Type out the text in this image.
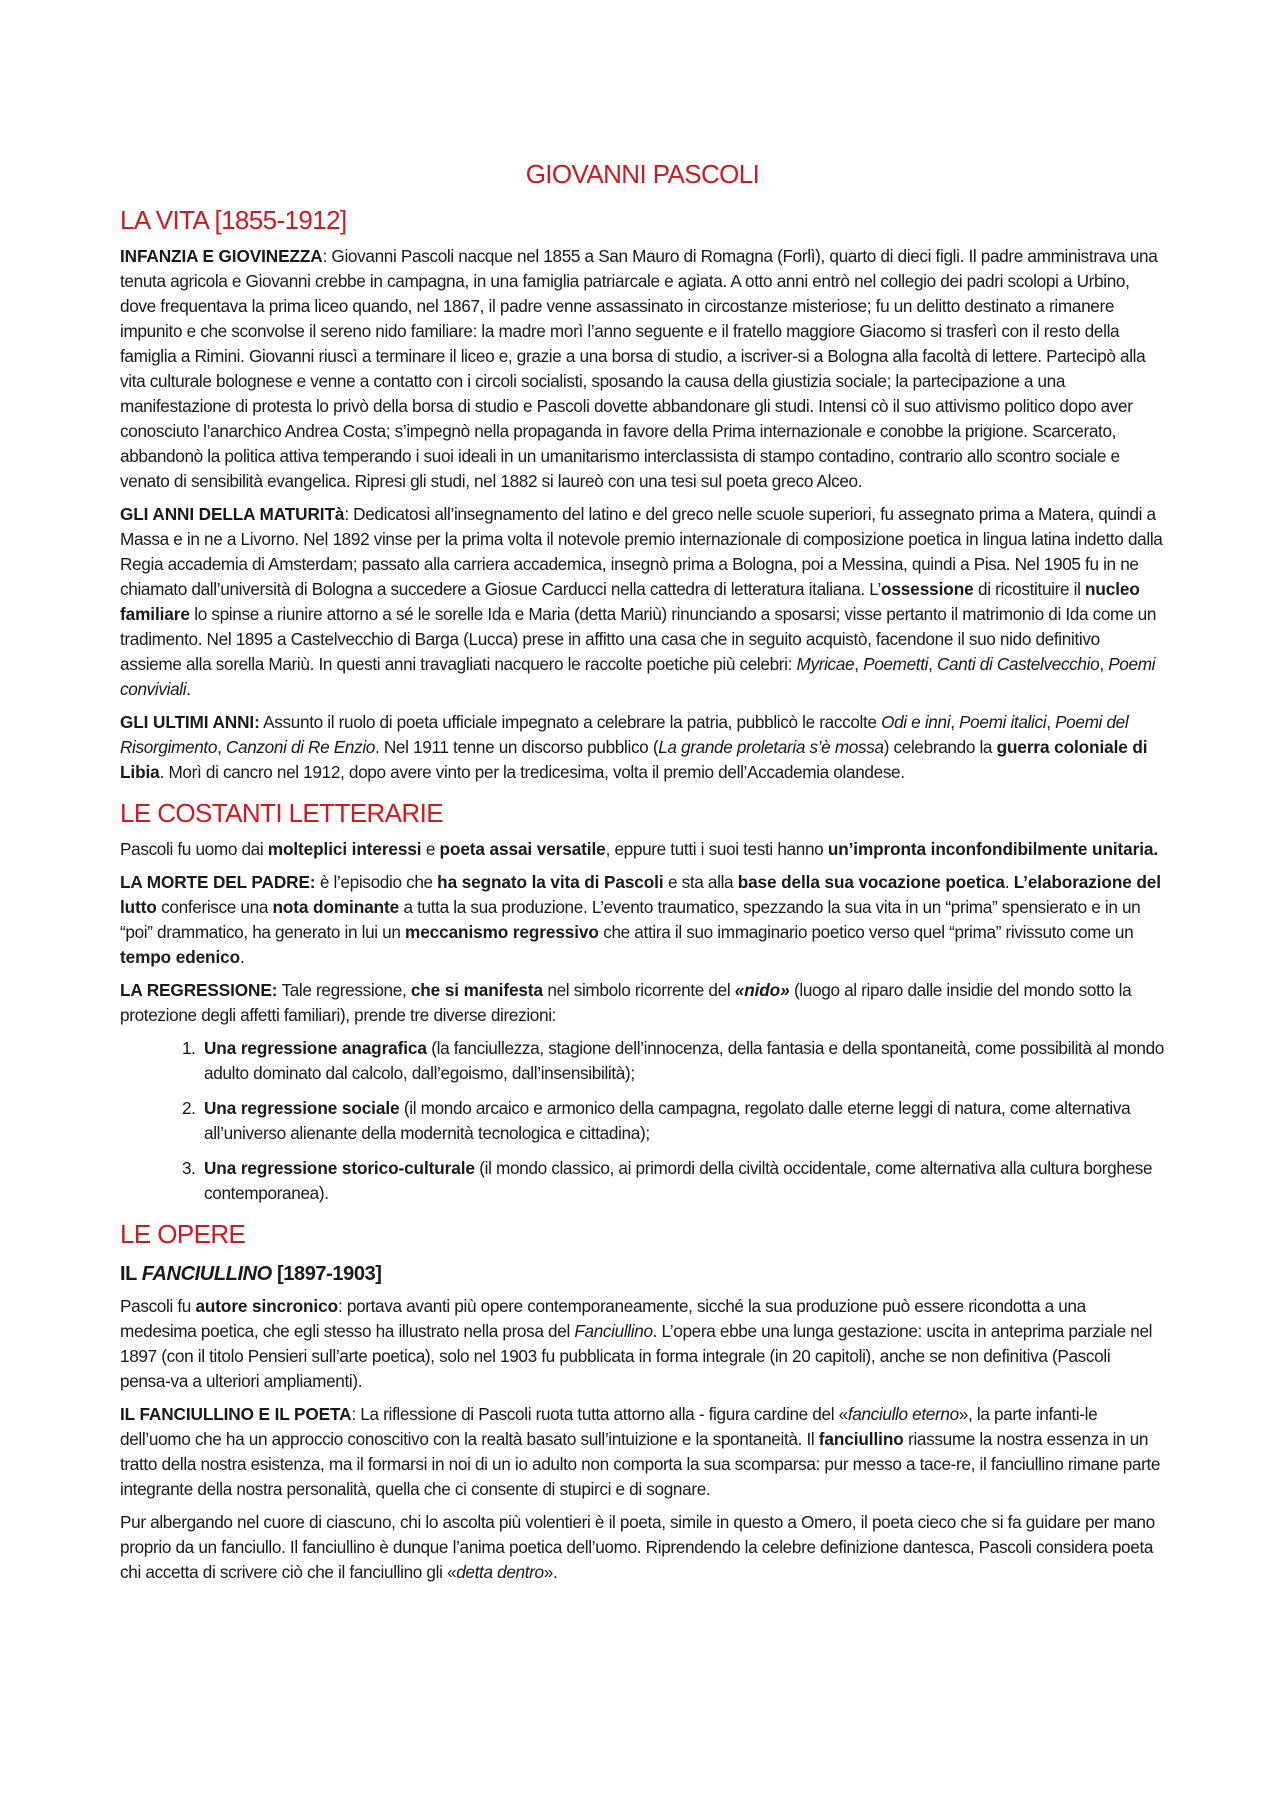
GIOVANNI PASCOLI
LA VITA [1855-1912]

INFANZIA E GIOVINEZZA: Giovanni Pascoli nacque nel 1855 a San Mauro di Romagna (Forlì), quarto di dieci figli. Il padre amministrava una tenuta agricola e Giovanni crebbe in campagna, in una famiglia patriarcale e agiata. A otto anni entrò nel collegio dei padri scolopi a Urbino, dove frequentava la prima liceo quando, nel 1867, il padre venne assassinato in circostanze misteriose; fu un delitto destinato a rimanere impunito e che sconvolse il sereno nido familiare: la madre morì l’anno seguente e il fratello maggiore Giacomo si trasferì con il resto della famiglia a Rimini. Giovanni riuscì a terminare il liceo e, grazie a una borsa di studio, a iscriver-si a Bologna alla facoltà di lettere. Partecipò alla vita culturale bolognese e venne a contatto con i circoli socialisti, sposando la causa della giustizia sociale; la partecipazione a una manifestazione di protesta lo privò della borsa di studio e Pascoli dovette abbandonare gli studi. Intensi cò il suo attivismo politico dopo aver conosciuto l’anarchico Andrea Costa; s’impegnò nella propaganda in favore della Prima internazionale e conobbe la prigione. Scarcerato, abbandonò la politica attiva temperando i suoi ideali in un umanitarismo interclassista di stampo contadino, contrario allo scontro sociale e venato di sensibilità evangelica. Ripresi gli studi, nel 1882 si laureò con una tesi sul poeta greco Alceo.

GLI ANNI DELLA MATURITà: Dedicatosi all’insegnamento del latino e del greco nelle scuole superiori, fu assegnato prima a Matera, quindi a Massa e in ne a Livorno. Nel 1892 vinse per la prima volta il notevole premio internazionale di composizione poetica in lingua latina indetto dalla Regia accademia di Amsterdam; passato alla carriera accademica, insegnò prima a Bologna, poi a Messina, quindi a Pisa. Nel 1905 fu in ne chiamato dall’università di Bologna a succedere a Giosue Carducci nella cattedra di letteratura italiana. L’ossessione di ricostituire il nucleo familiare lo spinse a riunire attorno a sé le sorelle Ida e Maria (detta Mariù) rinunciando a sposarsi; visse pertanto il matrimonio di Ida come un tradimento. Nel 1895 a Castelvecchio di Barga (Lucca) prese in affitto una casa che in seguito acquistò, facendone il suo nido definitivo assieme alla sorella Mariù. In questi anni travagliati nacquero le raccolte poetiche più celebri: Myricae, Poemetti, Canti di Castelvecchio, Poemi conviviali.

GLI ULTIMI ANNI: Assunto il ruolo di poeta ufficiale impegnato a celebrare la patria, pubblicò le raccolte Odi e inni, Poemi italici, Poemi del Risorgimento, Canzoni di Re Enzio. Nel 1911 tenne un discorso pubblico (La grande proletaria s’è mossa) celebrando la guerra coloniale di Libia. Morì di cancro nel 1912, dopo avere vinto per la tredicesima, volta il premio dell’Accademia olandese.

LE COSTANTI LETTERARIE

Pascoli fu uomo dai molteplici interessi e poeta assai versatile, eppure tutti i suoi testi hanno un’impronta inconfondibilmente unitaria.

LA MORTE DEL PADRE: è l’episodio che ha segnato la vita di Pascoli e sta alla base della sua vocazione poetica. L’elaborazione del lutto conferisce una nota dominante a tutta la sua produzione. L’evento traumatico, spezzando la sua vita in un “prima” spensierato e in un “poi” drammatico, ha generato in lui un meccanismo regressivo che attira il suo immaginario poetico verso quel “prima” rivissuto come un tempo edenico.

LA REGRESSIONE: Tale regressione, che si manifesta nel simbolo ricorrente del «nido» (luogo al riparo dalle insidie del mondo sotto la protezione degli affetti familiari), prende tre diverse direzioni:

1. Una regressione anagrafica (la fanciullezza, stagione dell’innocenza, della fantasia e della spontaneità, come possibilità al mondo adulto dominato dal calcolo, dall’egoismo, dall’insensibilità);
2. Una regressione sociale (il mondo arcaico e armonico della campagna, regolato dalle eterne leggi di natura, come alternativa all’universo alienante della modernità tecnologica e cittadina);
3. Una regressione storico-culturale (il mondo classico, ai primordi della civiltà occidentale, come alternativa alla cultura borghese contemporanea).
LE OPERE
IL FANCIULLINO [1897-1903]

Pascoli fu autore sincronico: portava avanti più opere contemporaneamente, sicché la sua produzione può essere ricondotta a una medesima poetica, che egli stesso ha illustrato nella prosa del Fanciullino. L’opera ebbe una lunga gestazione: uscita in anteprima parziale nel 1897 (con il titolo Pensieri sull’arte poetica), solo nel 1903 fu pubblicata in forma integrale (in 20 capitoli), anche se non definitiva (Pascoli pensa-va a ulteriori ampliamenti).

IL FANCIULLINO E IL POETA: La riflessione di Pascoli ruota tutta attorno alla - figura cardine del «fanciullo eterno», la parte infanti-le dell’uomo che ha un approccio conoscitivo con la realtà basato sull’intuizione e la spontaneità. Il fanciullino riassume la nostra essenza in un tratto della nostra esistenza, ma il formarsi in noi di un io adulto non comporta la sua scomparsa: pur messo a tace-re, il fanciullino rimane parte integrante della nostra personalità, quella che ci consente di stupirci e di sognare.

Pur albergando nel cuore di ciascuno, chi lo ascolta più volentieri è il poeta, simile in questo a Omero, il poeta cieco che si fa guidare per mano proprio da un fanciullo. Il fanciullino è dunque l’anima poetica dell’uomo. Riprendendo la celebre definizione dantesca, Pascoli considera poeta chi accetta di scrivere ciò che il fanciullino gli «detta dentro».
